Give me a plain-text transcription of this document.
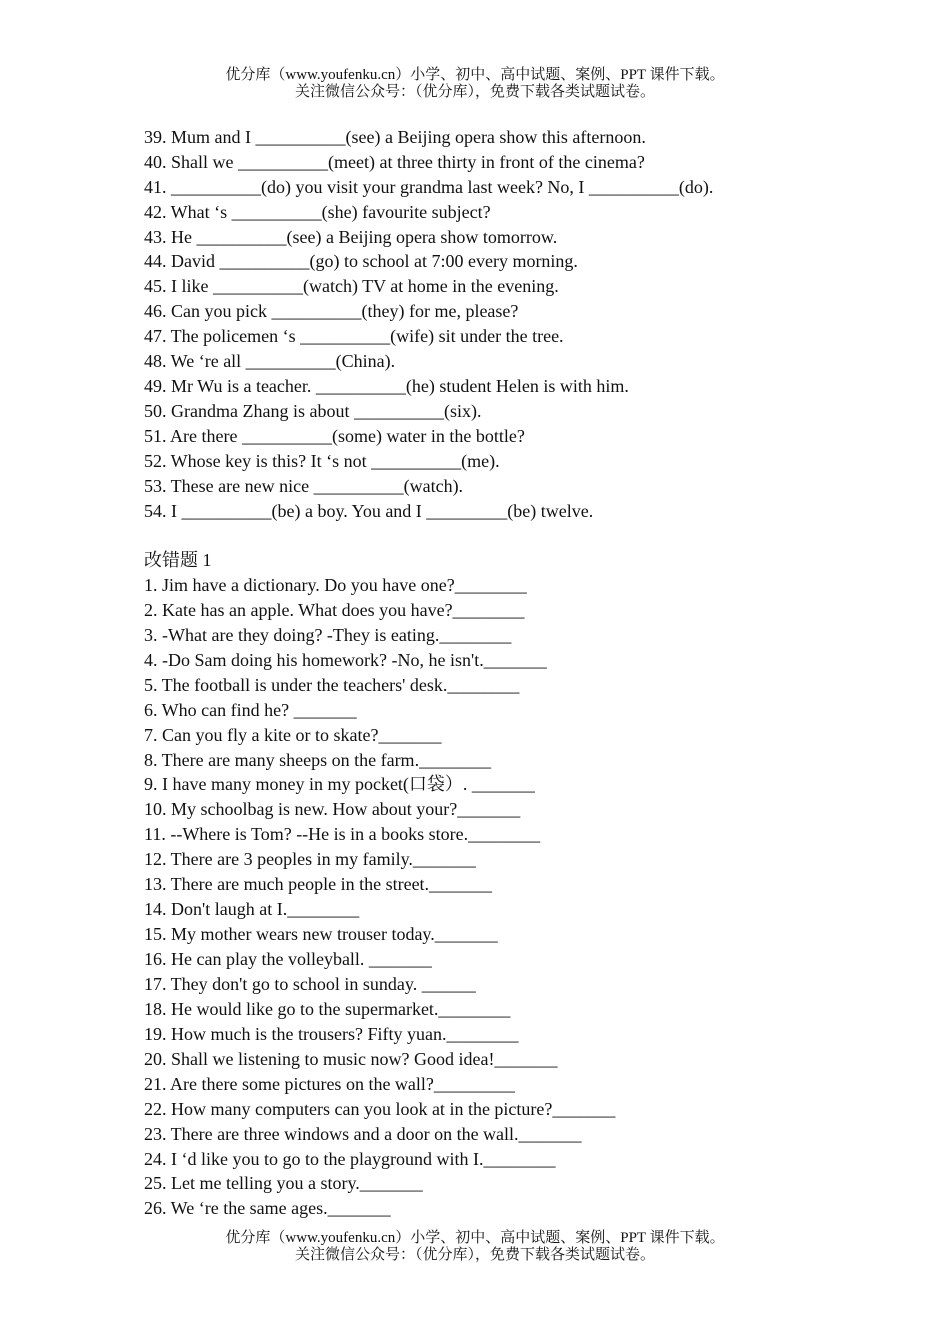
优分库（www.youfenku.cn）小学、初中、高中试题、案例、PPT 课件下载。
关注微信公众号：（优分库），免费下载各类试题试卷。
39. Mum and I __________(see) a Beijing opera show this afternoon.
40. Shall we __________(meet) at three thirty in front of the cinema?
41. __________(do) you visit your grandma last week? No, I __________(do).
42. What ‘s __________(she) favourite subject?
43. He __________(see) a Beijing opera show tomorrow.
44. David __________(go) to school at 7:00 every morning.
45. I like __________(watch) TV at home in the evening.
46. Can you pick __________(they) for me, please?
47. The policemen ‘s __________(wife) sit under the tree.
48. We ‘re all __________(China).
49. Mr Wu is a teacher. __________(he) student Helen is with him.
50. Grandma Zhang is about __________(six).
51. Are there __________(some) water in the bottle?
52. Whose key is this? It ‘s not __________(me).
53. These are new nice __________(watch).
54. I __________(be) a boy. You and I _________(be) twelve.
改错题 1
1. Jim have a dictionary. Do you have one?________
2. Kate has an apple. What does you have?________
3. -What are they doing? -They is eating.________
4. -Do Sam doing his homework? -No, he isn't._______
5. The football is under the teachers' desk.________
6. Who can find he? _______
7. Can you fly a kite or to skate?_______
8. There are many sheeps on the farm.________
9. I have many money in my pocket(口袋）. _______
10. My schoolbag is new. How about your?_______
11. --Where is Tom? --He is in a books store.________
12. There are 3 peoples in my family._______
13. There are much people in the street._______
14. Don't laugh at I.________
15. My mother wears new trouser today._______
16. He can play the volleyball. _______
17. They don't go to school in sunday. ______
18. He would like go to the supermarket.________
19. How much is the trousers? Fifty yuan.________
20. Shall we listening to music now? Good idea!_______
21. Are there some pictures on the wall?_________
22. How many computers can you look at in the picture?_______
23. There are three windows and a door on the wall._______
24. I ‘d like you to go to the playground with I.________
25. Let me telling you a story._______
26. We ‘re the same ages._______
优分库（www.youfenku.cn）小学、初中、高中试题、案例、PPT 课件下载。
关注微信公众号：（优分库），免费下载各类试题试卷。
